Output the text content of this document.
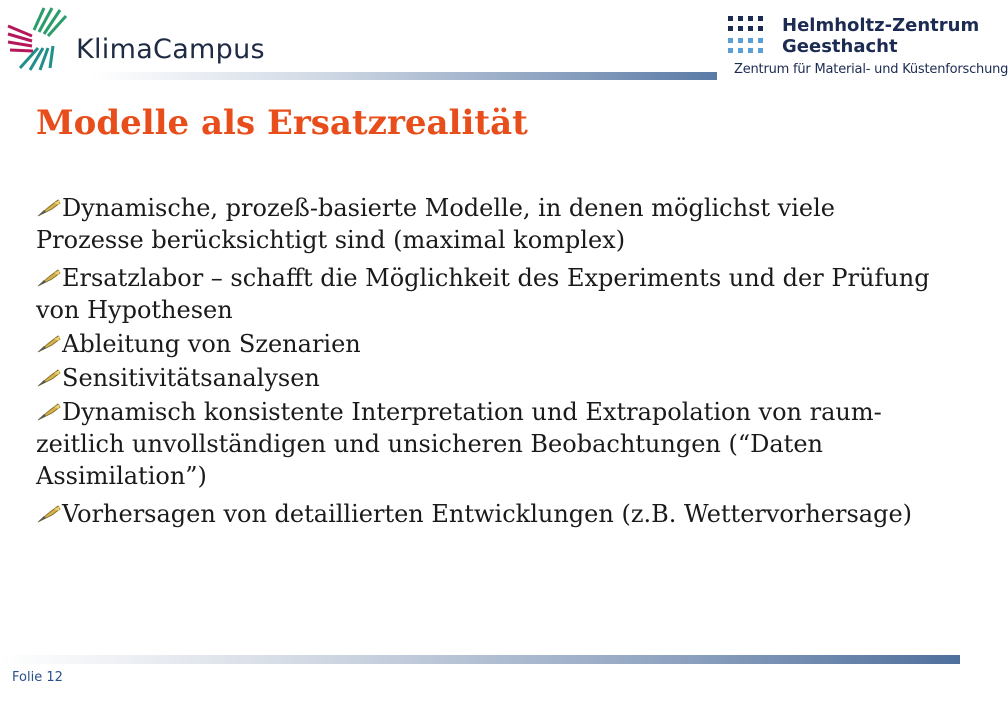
KlimaCampus
Helmholtz-Zentrum
Geesthacht
Zentrum für Material- und Küstenforschung
Modelle als Ersatzrealität

Dynamische, prozeß-basierte Modelle, in denen möglichst viele Prozesse berücksichtigt sind (maximal komplex)

Ersatzlabor – schafft die Möglichkeit des Experiments und der Prüfung von Hypothesen

Ableitung von Szenarien

Sensitivitätsanalysen

Dynamisch konsistente Interpretation und Extrapolation von raum-zeitlich unvollständigen und unsicheren Beobachtungen (“Daten Assimilation”)

Vorhersagen von detaillierten Entwicklungen (z.B. Wettervorhersage)

Folie 12
